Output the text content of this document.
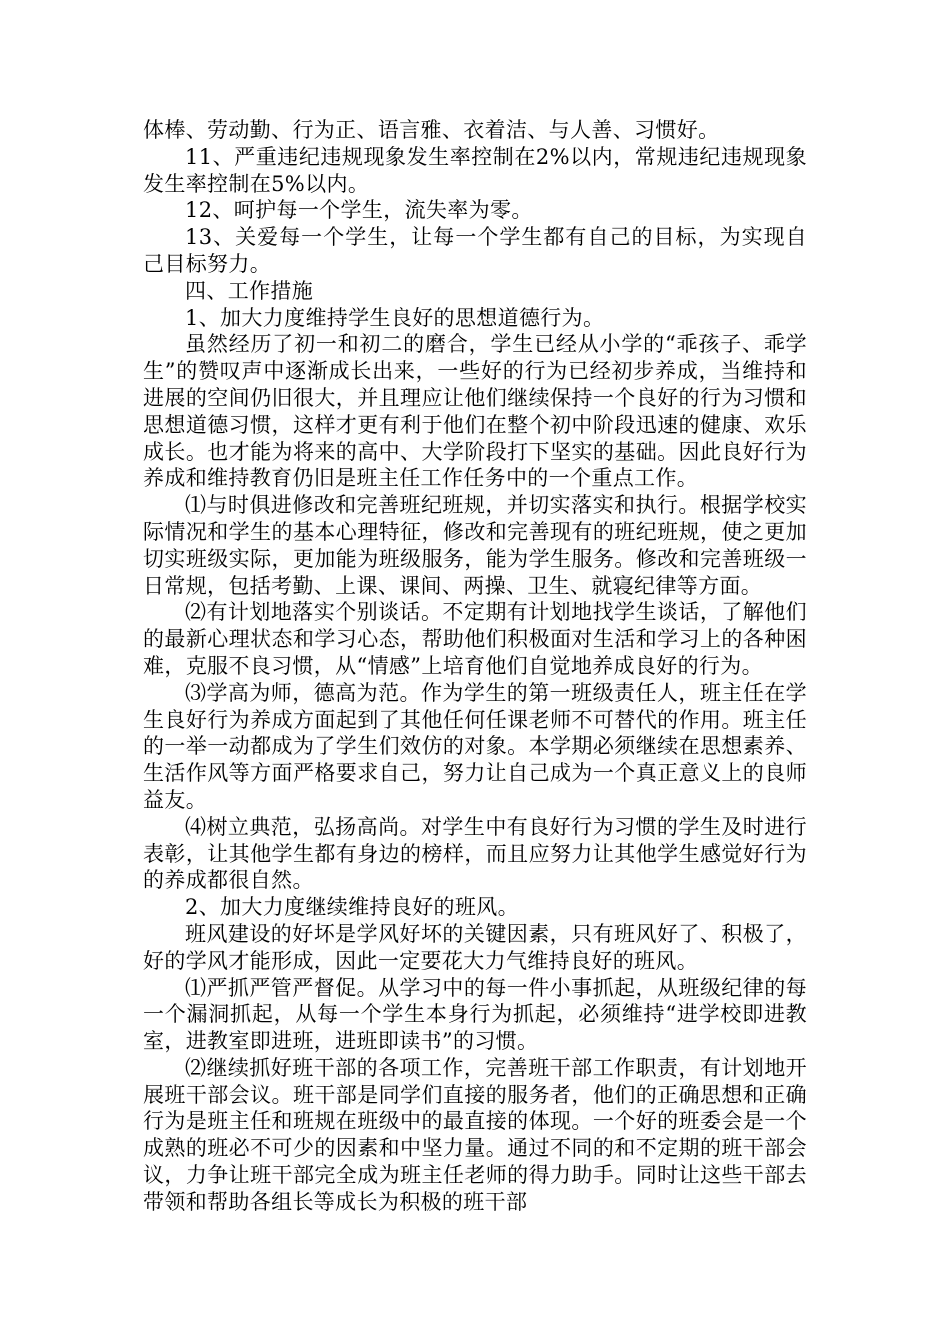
体棒、劳动勤、行为正、语言雅、衣着洁、与人善、习惯好。

11、严重违纪违规现象发生率控制在2%以内，常规违纪违规现象发生率控制在5%以内。

12、呵护每一个学生，流失率为零。

13、关爱每一个学生，让每一个学生都有自己的目标，为实现自己目标努力。

四、工作措施

1、加大力度维持学生良好的思想道德行为。

虽然经历了初一和初二的磨合，学生已经从小学的“乖孩子、乖学生”的赞叹声中逐渐成长出来，一些好的行为已经初步养成，当维持和进展的空间仍旧很大，并且理应让他们继续保持一个良好的行为习惯和思想道德习惯，这样才更有利于他们在整个初中阶段迅速的健康、欢乐成长。也才能为将来的高中、大学阶段打下坚实的基础。因此良好行为养成和维持教育仍旧是班主任工作任务中的一个重点工作。

⑴与时俱进修改和完善班纪班规，并切实落实和执行。根据学校实际情况和学生的基本心理特征，修改和完善现有的班纪班规，使之更加切实班级实际，更加能为班级服务，能为学生服务。修改和完善班级一日常规，包括考勤、上课、课间、两操、卫生、就寝纪律等方面。

⑵有计划地落实个别谈话。不定期有计划地找学生谈话，了解他们的最新心理状态和学习心态，帮助他们积极面对生活和学习上的各种困难，克服不良习惯，从“情感”上培育他们自觉地养成良好的行为。

⑶学高为师，德高为范。作为学生的第一班级责任人，班主任在学生良好行为养成方面起到了其他任何任课老师不可替代的作用。班主任的一举一动都成为了学生们效仿的对象。本学期必须继续在思想素养、生活作风等方面严格要求自己，努力让自己成为一个真正意义上的良师益友。

⑷树立典范，弘扬高尚。对学生中有良好行为习惯的学生及时进行表彰，让其他学生都有身边的榜样，而且应努力让其他学生感觉好行为的养成都很自然。

2、加大力度继续维持良好的班风。

班风建设的好坏是学风好坏的关键因素，只有班风好了、积极了，好的学风才能形成，因此一定要花大力气维持良好的班风。

⑴严抓严管严督促。从学习中的每一件小事抓起，从班级纪律的每一个漏洞抓起，从每一个学生本身行为抓起，必须维持“进学校即进教室，进教室即进班，进班即读书”的习惯。

⑵继续抓好班干部的各项工作，完善班干部工作职责，有计划地开展班干部会议。班干部是同学们直接的服务者，他们的正确思想和正确行为是班主任和班规在班级中的最直接的体现。一个好的班委会是一个成熟的班必不可少的因素和中坚力量。通过不同的和不定期的班干部会议，力争让班干部完全成为班主任老师的得力助手。同时让这些干部去带领和帮助各组长等成长为积极的班干部
